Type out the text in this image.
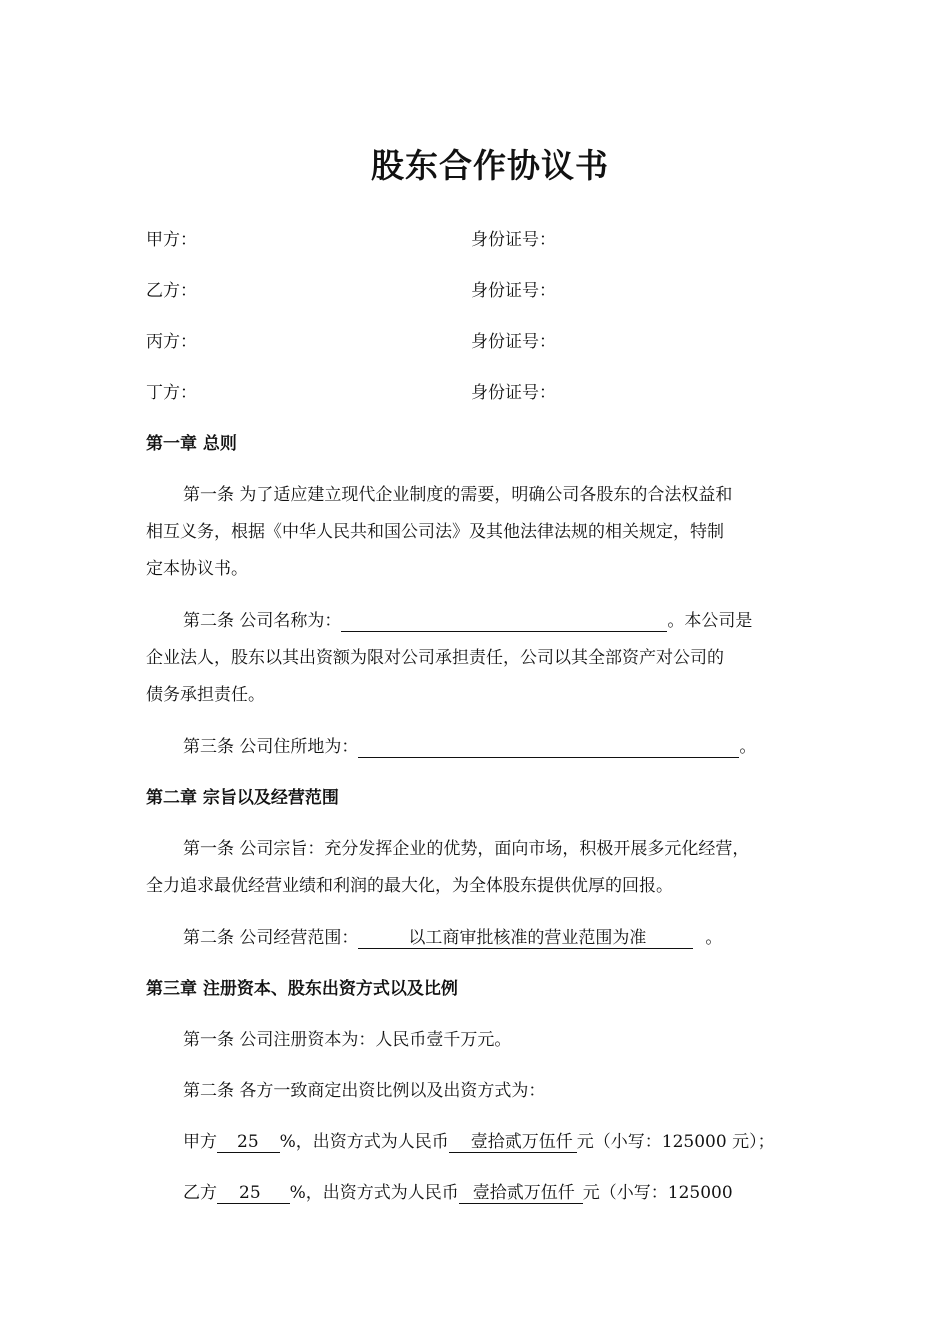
股东合作协议书
甲方：	身份证号：
乙方：	身份证号：
丙方：	身份证号：
丁方：	身份证号：
第一章 总则
第一条 为了适应建立现代企业制度的需要，明确公司各股东的合法权益和
相互义务，根据《中华人民共和国公司法》及其他法律法规的相关规定，特制
定本协议书。
第二条 公司名称为：	。本公司是
企业法人，股东以其出资额为限对公司承担责任，公司以其全部资产对公司的
债务承担责任。
第三条 公司住所地为：	。
第二章 宗旨以及经营范围
第一条 公司宗旨：充分发挥企业的优势，面向市场，积极开展多元化经营，
全力追求最优经营业绩和利润的最大化，为全体股东提供优厚的回报。
第二条 公司经营范围：	以工商审批核准的营业范围为准	。
第三章 注册资本、股东出资方式以及比例
第一条 公司注册资本为：人民币壹千万元。
第二条 各方一致商定出资比例以及出资方式为：
甲方 25 %，出资方式为人民币 壹拾贰万伍仟 元（小写：125000 元）；
乙方 25 %，出资方式为人民币 壹拾贰万伍仟 元（小写：125000
